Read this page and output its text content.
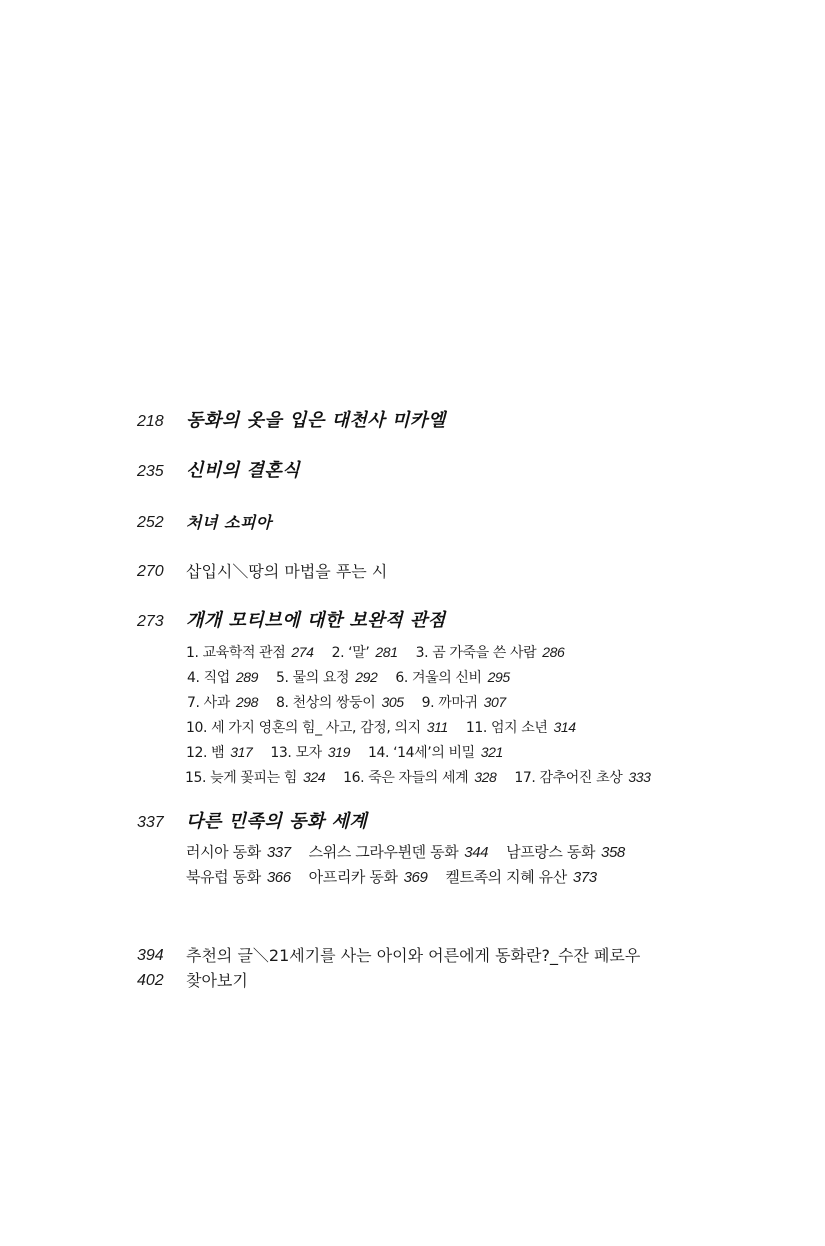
218	동화의 옷을 입은 대천사 미카엘
235	신비의 결혼식
252	처녀 소피아
270	삽입시＼땅의 마법을 푸는 시
273	개개 모티브에 대한 보완적 관점
1. 교육학적 관점 274 2. ‘말’ 281 3. 곰 가죽을 쓴 사람 286
4. 직업 289 5. 물의 요정 292 6. 겨울의 신비 295
7. 사과 298 8. 천상의 쌍둥이 305 9. 까마귀 307
10. 세 가지 영혼의 힘_ 사고, 감정, 의지 311 11. 엄지 소년 314
12. 뱀 317 13. 모자 319 14. ‘14세’의 비밀 321
15. 늦게 꽃피는 힘 324 16. 죽은 자들의 세계 328 17. 감추어진 초상 333
337	다른 민족의 동화 세계
러시아 동화 337 스위스 그라우뷘덴 동화 344 남프랑스 동화 358
북유럽 동화 366 아프리카 동화 369 켈트족의 지혜 유산 373
394	추천의 글＼21세기를 사는 아이와 어른에게 동화란?_수잔 페로우
402	찾아보기
